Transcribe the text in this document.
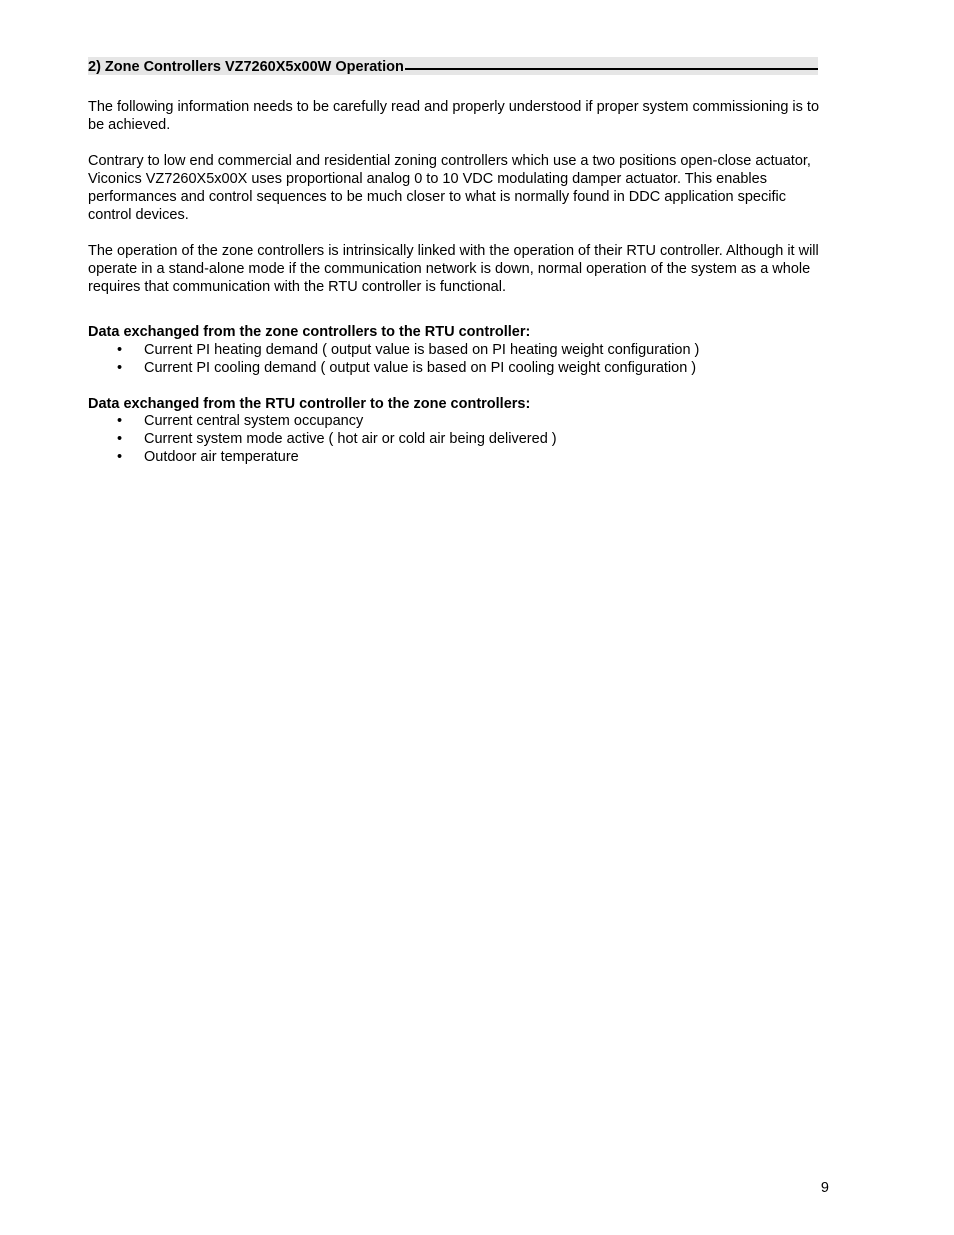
2) Zone Controllers VZ7260X5x00W Operation

The following information needs to be carefully read and properly understood if proper system commissioning is to be achieved.

Contrary to low end commercial and residential zoning controllers which use a two positions open-close actuator, Viconics VZ7260X5x00X uses proportional analog 0 to 10 VDC modulating damper actuator. This enables performances and control sequences to be much closer to what is normally found in DDC application specific control devices.

The operation of the zone controllers is intrinsically linked with the operation of their RTU controller. Although it will operate in a stand-alone mode if the communication network is down, normal operation of the system as a whole requires that communication with the RTU controller is functional.

Data exchanged from the zone controllers to the RTU controller:

• Current PI heating demand ( output value is based on PI heating weight configuration )
• Current PI cooling demand ( output value is based on PI cooling weight configuration )

Data exchanged from the RTU controller to the zone controllers:

• Current central system occupancy
• Current system mode active ( hot air or cold air being delivered )
• Outdoor air temperature
9
